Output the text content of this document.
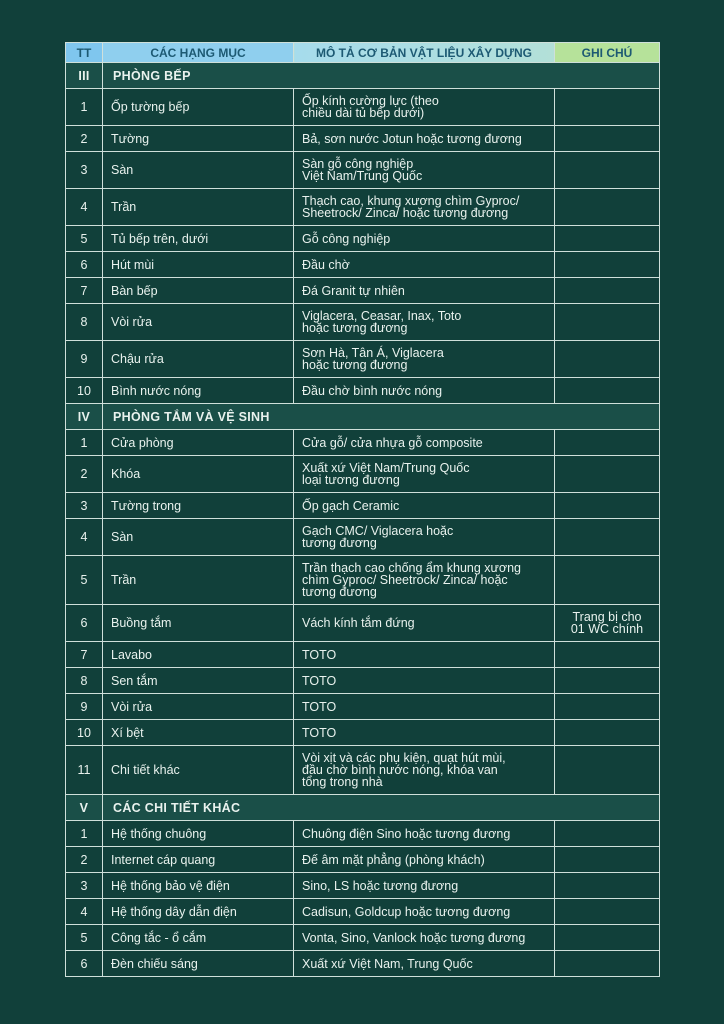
TT	CÁC HẠNG MỤC	MÔ TẢ CƠ BẢN VẬT LIỆU XÂY DỰNG	GHI CHÚ
III	PHÒNG BẾP		
1	Ốp tường bếp	Ốp kính cường lực (theo
chiều dài tủ bếp dưới)	

2	Tường	Bả, sơn nước Jotun hoặc tương đương	

3	Sàn	Sàn gỗ công nghiệp
Việt Nam/Trung Quốc	

4	Trần	Thạch cao, khung xương chìm Gyproc/
Sheetrock/ Zinca/ hoặc tương đương	

5	Tủ bếp trên, dưới	Gỗ công nghiệp	

6	Hút mùi	Đầu chờ	

7	Bàn bếp	Đá Granit tự nhiên	

8	Vòi rửa	Viglacera, Ceasar, Inax, Toto
hoặc tương đương	

9	Chậu rửa	Sơn Hà, Tân Á, Viglacera
hoặc tương đương	

10	Bình nước nóng	Đầu chờ bình nước nóng	

IV	PHÒNG TẮM VÀ VỆ SINH		
1	Cửa phòng	Cửa gỗ/ cửa nhựa gỗ composite	

2	Khóa	Xuất xứ Việt Nam/Trung Quốc
loại tương đương	

3	Tường trong	Ốp gạch Ceramic	

4	Sàn	Gạch CMC/ Viglacera hoặc
tương đương	

5	Trần	Trần thạch cao chống ẩm khung xương
chìm Gyproc/ Sheetrock/ Zinca/ hoặc
tương đương	

6	Buồng tắm	Vách kính tắm đứng	Trang bị cho
01 WC chính

7	Lavabo	TOTO	

8	Sen tắm	TOTO	

9	Vòi rửa	TOTO	

10	Xí bệt	TOTO	

11	Chi tiết khác	Vòi xịt và các phụ kiện, quạt hút mùi,
đầu chờ bình nước nóng, khóa van
tổng trong nhà	

V	CÁC CHI TIẾT KHÁC		
1	Hệ thống chuông	Chuông điện Sino hoặc tương đương	

2	Internet cáp quang	Đế âm mặt phẳng (phòng khách)	

3	Hệ thống bảo vệ điện	Sino, LS hoặc tương đương	

4	Hệ thống dây dẫn điện	Cadisun, Goldcup hoặc tương đương	

5	Công tắc - ổ cắm	Vonta, Sino, Vanlock hoặc tương đương	

6	Đèn chiếu sáng	Xuất xứ Việt Nam, Trung Quốc	
